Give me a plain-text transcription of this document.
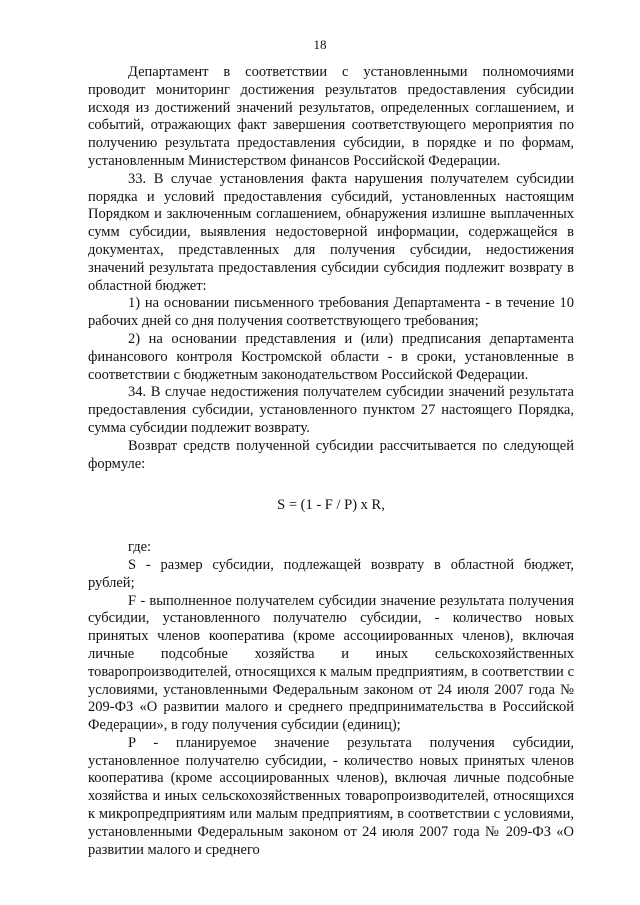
18

Департамент в соответствии с установленными полномочиями проводит мониторинг достижения результатов предоставления субсидии исходя из достижений значений результатов, определенных соглашением, и событий, отражающих факт завершения соответствующего мероприятия по получению результата предоставления субсидии, в порядке и по формам, установленным Министерством финансов Российской Федерации.

33. В случае установления факта нарушения получателем субсидии порядка и условий предоставления субсидий, установленных настоящим Порядком и заключенным соглашением, обнаружения излишне выплаченных сумм субсидии, выявления недостоверной информации, содержащейся в документах, представленных для получения субсидии, недостижения значений результата предоставления субсидии субсидия подлежит возврату в областной бюджет:

1) на основании письменного требования Департамента - в течение 10 рабочих дней со дня получения соответствующего требования;

2) на основании представления и (или) предписания департамента финансового контроля Костромской области - в сроки, установленные в соответствии с бюджетным законодательством Российской Федерации.

34. В случае недостижения получателем субсидии значений результата предоставления субсидии, установленного пунктом 27 настоящего Порядка, сумма субсидии подлежит возврату.

Возврат средств полученной субсидии рассчитывается по следующей формуле:

S = (1 - F / P) x R,

где:

S - размер субсидии, подлежащей возврату в областной бюджет, рублей;

F - выполненное получателем субсидии значение результата получения субсидии, установленного получателю субсидии, - количество новых принятых членов кооператива (кроме ассоциированных членов), включая личные подсобные хозяйства и иных сельскохозяйственных товаропроизводителей, относящихся к малым предприятиям, в соответствии с условиями, установленными Федеральным законом от 24 июля 2007 года № 209-ФЗ «О развитии малого и среднего предпринимательства в Российской Федерации», в году получения субсидии (единиц);

P - планируемое значение результата получения субсидии, установленное получателю субсидии, - количество новых принятых членов кооператива (кроме ассоциированных членов), включая личные подсобные хозяйства и иных сельскохозяйственных товаропроизводителей, относящихся к микропредприятиям или малым предприятиям, в соответствии с условиями, установленными Федеральным законом от 24 июля 2007 года № 209-ФЗ «О развитии малого и среднего
